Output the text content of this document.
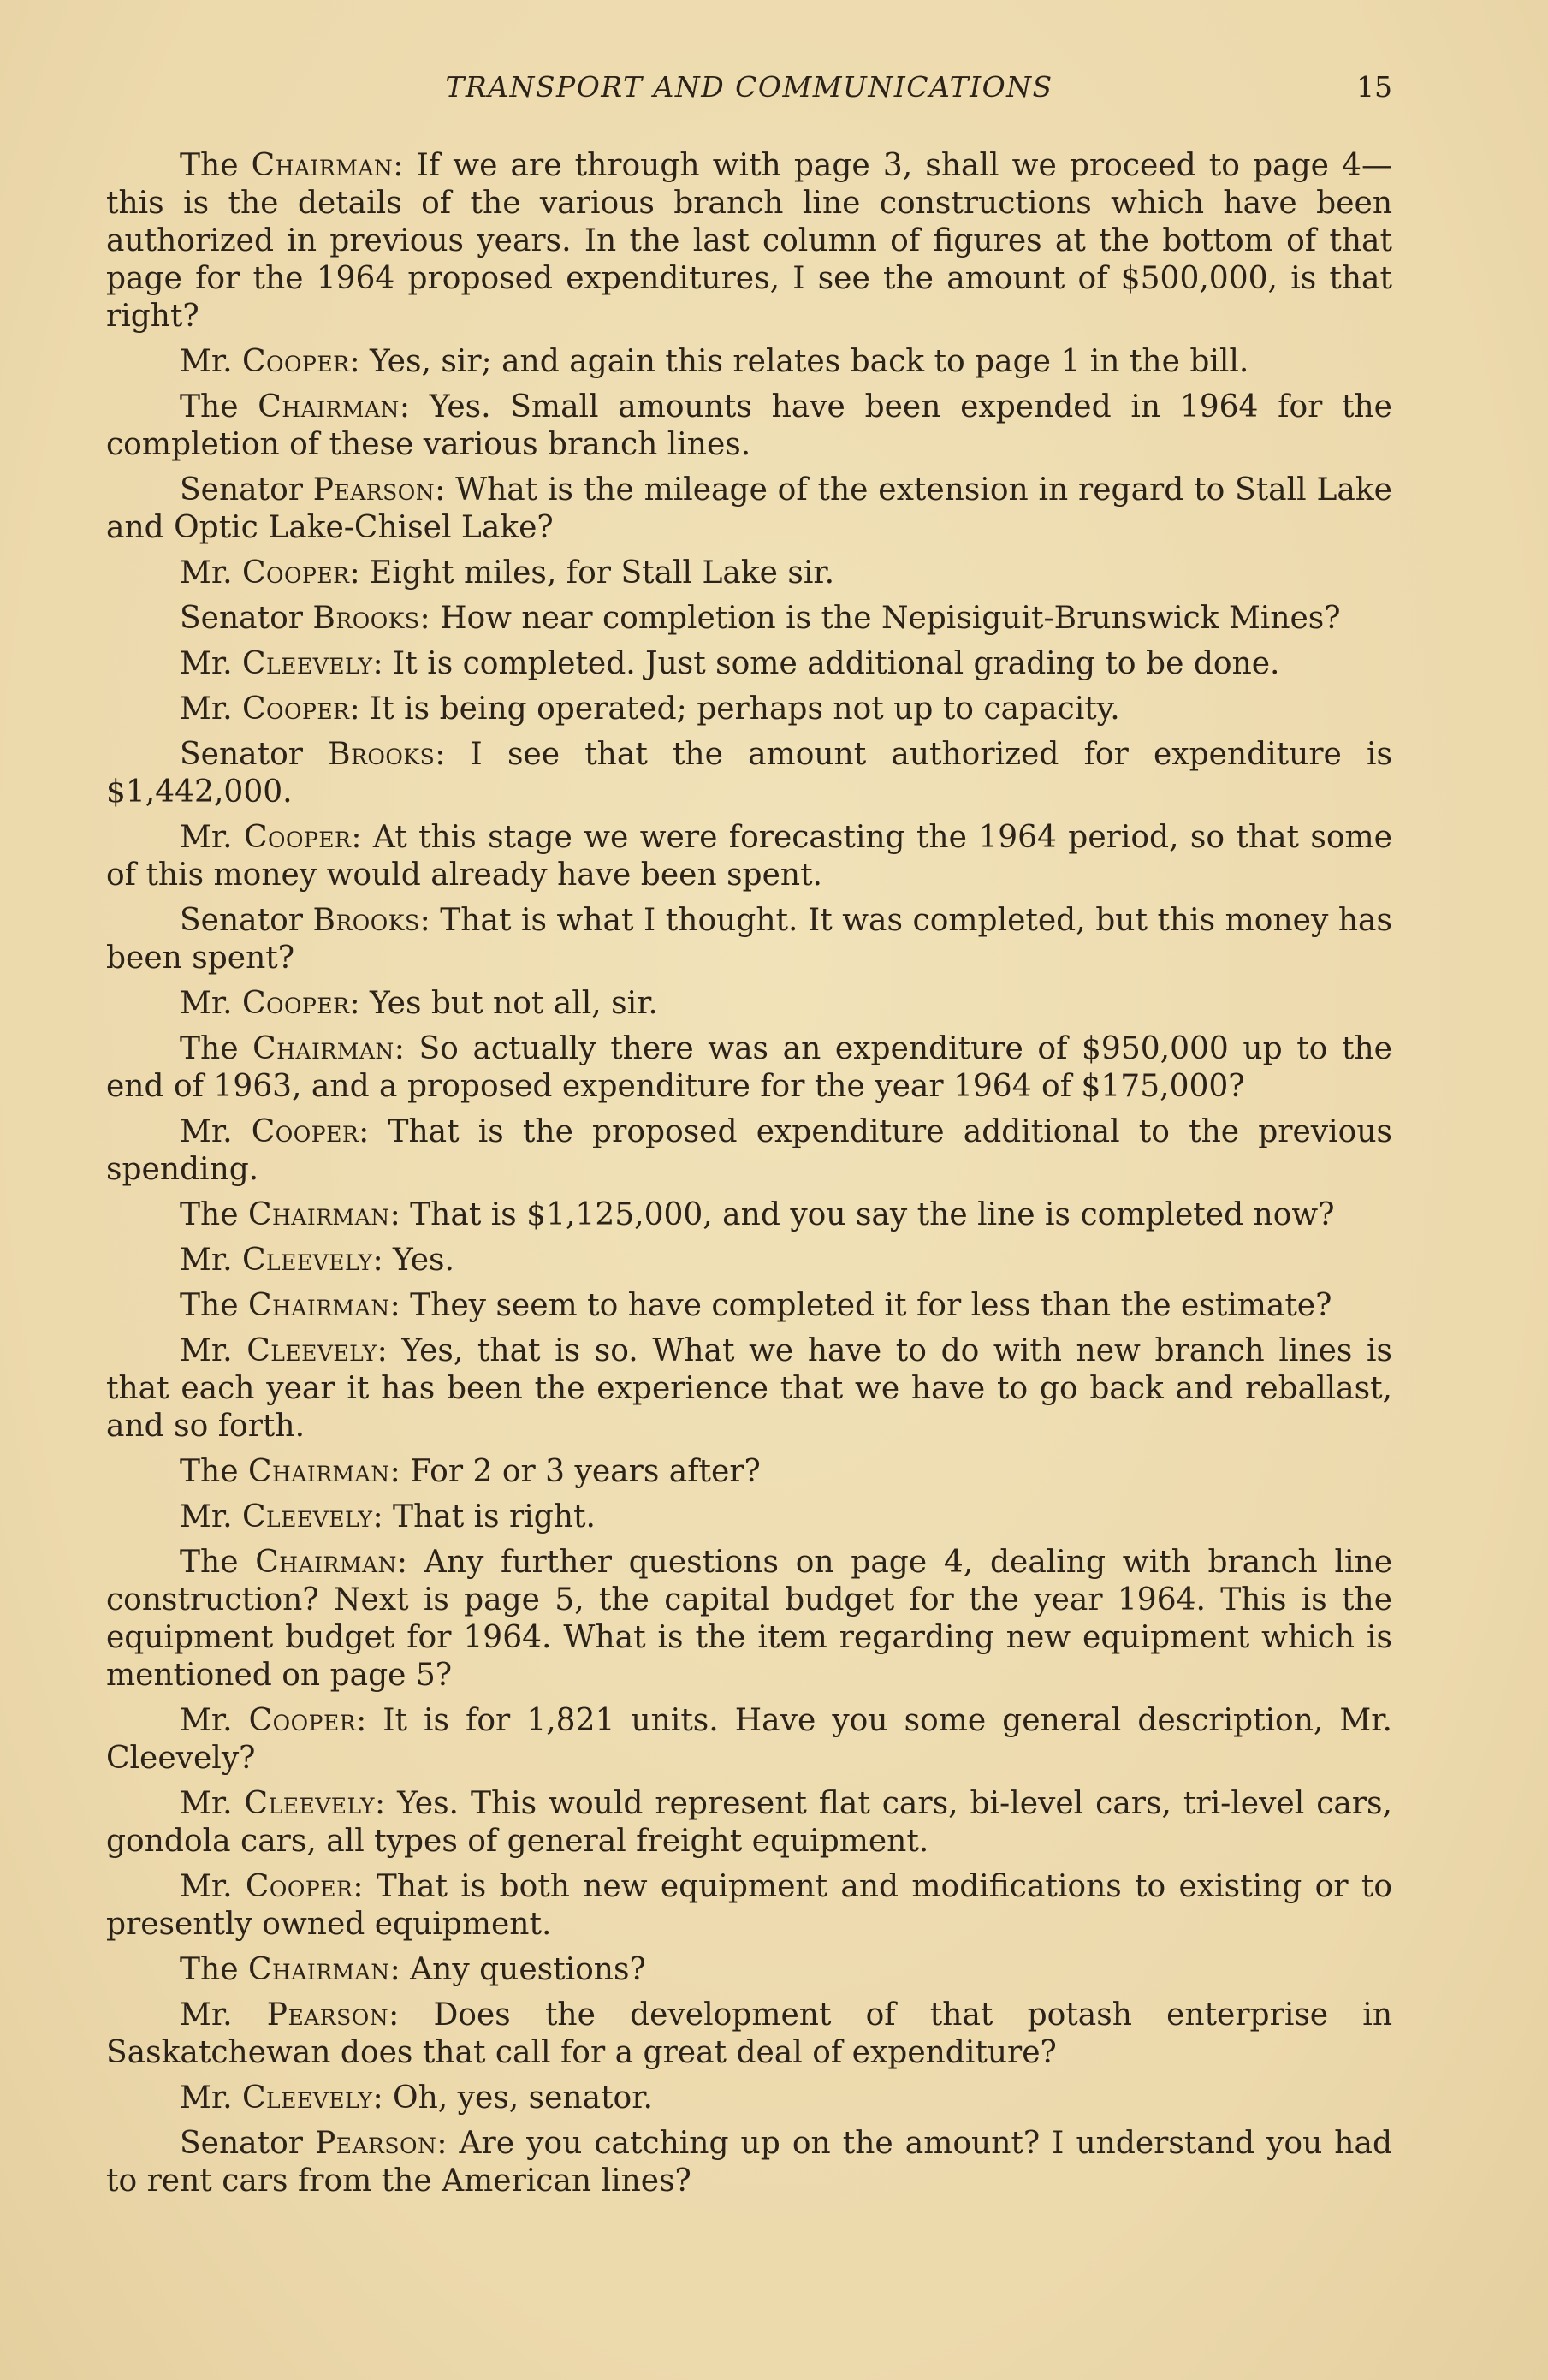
TRANSPORT AND COMMUNICATIONS	15

The Chairman: If we are through with page 3, shall we proceed to page 4—this is the details of the various branch line constructions which have been authorized in previous years. In the last column of figures at the bottom of that page for the 1964 proposed expenditures, I see the amount of $500,000, is that right?

Mr. Cooper: Yes, sir; and again this relates back to page 1 in the bill.

The Chairman: Yes. Small amounts have been expended in 1964 for the completion of these various branch lines.

Senator Pearson: What is the mileage of the extension in regard to Stall Lake and Optic Lake-Chisel Lake?

Mr. Cooper: Eight miles, for Stall Lake sir.

Senator Brooks: How near completion is the Nepisiguit-Brunswick Mines?

Mr. Cleevely: It is completed. Just some additional grading to be done.

Mr. Cooper: It is being operated; perhaps not up to capacity.

Senator Brooks: I see that the amount authorized for expenditure is $1,442,000.

Mr. Cooper: At this stage we were forecasting the 1964 period, so that some of this money would already have been spent.

Senator Brooks: That is what I thought. It was completed, but this money has been spent?

Mr. Cooper: Yes but not all, sir.

The Chairman: So actually there was an expenditure of $950,000 up to the end of 1963, and a proposed expenditure for the year 1964 of $175,000?

Mr. Cooper: That is the proposed expenditure additional to the previous spending.

The Chairman: That is $1,125,000, and you say the line is completed now?

Mr. Cleevely: Yes.

The Chairman: They seem to have completed it for less than the estimate?

Mr. Cleevely: Yes, that is so. What we have to do with new branch lines is that each year it has been the experience that we have to go back and reballast, and so forth.

The Chairman: For 2 or 3 years after?

Mr. Cleevely: That is right.

The Chairman: Any further questions on page 4, dealing with branch line construction? Next is page 5, the capital budget for the year 1964. This is the equipment budget for 1964. What is the item regarding new equipment which is mentioned on page 5?

Mr. Cooper: It is for 1,821 units. Have you some general description, Mr. Cleevely?

Mr. Cleevely: Yes. This would represent flat cars, bi-level cars, tri-level cars, gondola cars, all types of general freight equipment.

Mr. Cooper: That is both new equipment and modifications to existing or to presently owned equipment.

The Chairman: Any questions?

Mr. Pearson: Does the development of that potash enterprise in Saskatchewan does that call for a great deal of expenditure?

Mr. Cleevely: Oh, yes, senator.

Senator Pearson: Are you catching up on the amount? I understand you had to rent cars from the American lines?
